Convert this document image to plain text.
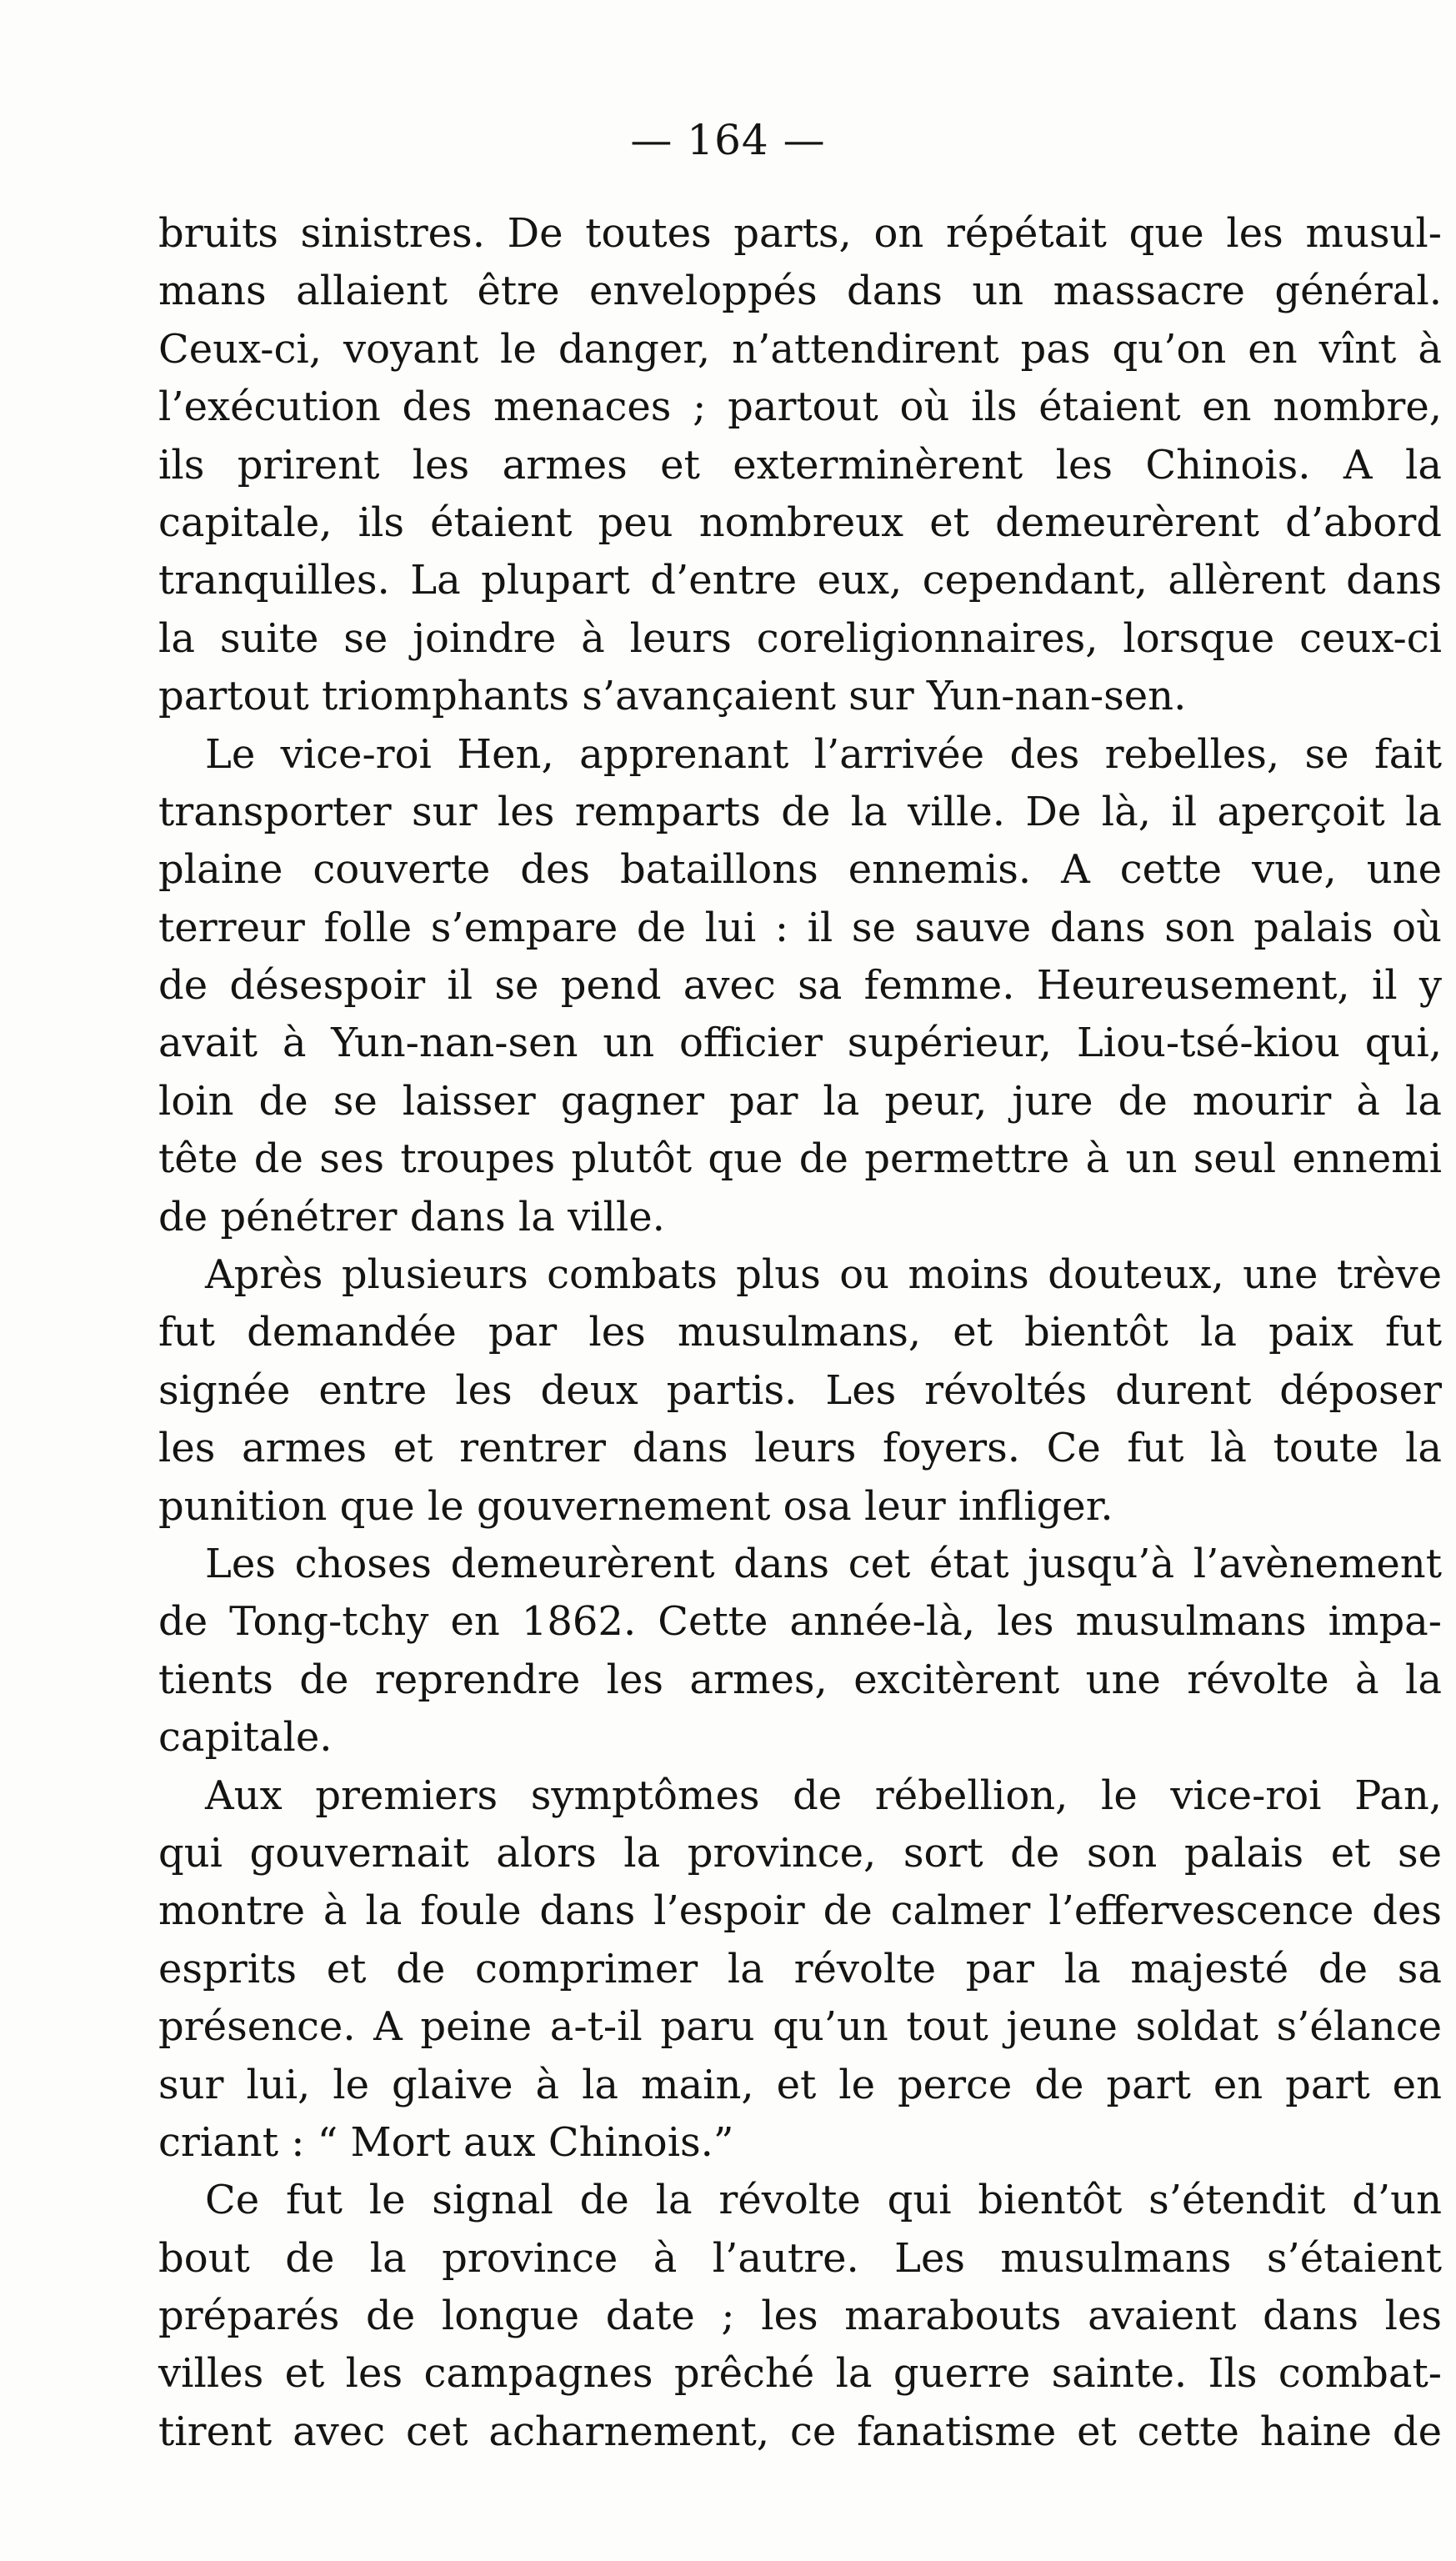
— 164 —
bruits sinistres. De toutes parts, on répétait que les musul-
mans allaient être enveloppés dans un massacre général.
Ceux-ci, voyant le danger, n’attendirent pas qu’on en vînt à
l’exécution des menaces ; partout où ils étaient en nombre,
ils prirent les armes et exterminèrent les Chinois. A la
capitale, ils étaient peu nombreux et demeurèrent d’abord
tranquilles. La plupart d’entre eux, cependant, allèrent dans
la suite se joindre à leurs coreligionnaires, lorsque ceux-ci
partout triomphants s’avançaient sur Yun-nan-sen.
Le vice-roi Hen, apprenant l’arrivée des rebelles, se fait
transporter sur les remparts de la ville. De là, il aperçoit la
plaine couverte des bataillons ennemis. A cette vue, une
terreur folle s’empare de lui : il se sauve dans son palais où
de désespoir il se pend avec sa femme. Heureusement, il y
avait à Yun-nan-sen un officier supérieur, Liou-tsé-kiou qui,
loin de se laisser gagner par la peur, jure de mourir à la
tête de ses troupes plutôt que de permettre à un seul ennemi
de pénétrer dans la ville.
Après plusieurs combats plus ou moins douteux, une trève
fut demandée par les musulmans, et bientôt la paix fut
signée entre les deux partis. Les révoltés durent déposer
les armes et rentrer dans leurs foyers. Ce fut là toute la
punition que le gouvernement osa leur infliger.
Les choses demeurèrent dans cet état jusqu’à l’avènement
de Tong-tchy en 1862. Cette année-là, les musulmans impa-
tients de reprendre les armes, excitèrent une révolte à la
capitale.
Aux premiers symptômes de rébellion, le vice-roi Pan,
qui gouvernait alors la province, sort de son palais et se
montre à la foule dans l’espoir de calmer l’effervescence des
esprits et de comprimer la révolte par la majesté de sa
présence. A peine a-t-il paru qu’un tout jeune soldat s’élance
sur lui, le glaive à la main, et le perce de part en part en
criant : “ Mort aux Chinois.”
Ce fut le signal de la révolte qui bientôt s’étendit d’un
bout de la province à l’autre. Les musulmans s’étaient
préparés de longue date ; les marabouts avaient dans les
villes et les campagnes prêché la guerre sainte. Ils combat-
tirent avec cet acharnement, ce fanatisme et cette haine de
